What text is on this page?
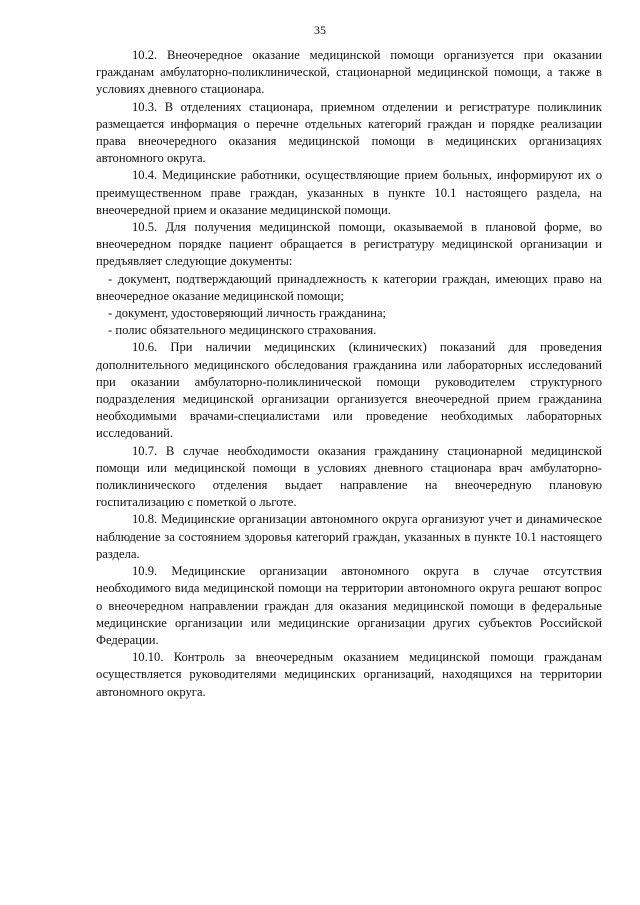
35

10.2. Внеочередное оказание медицинской помощи организуется при оказании гражданам амбулаторно-поликлинической, стационарной медицинской помощи, а также в условиях дневного стационара.

10.3. В отделениях стационара, приемном отделении и регистратуре поликлиник размещается информация о перечне отдельных категорий граждан и порядке реализации права внеочередного оказания медицинской помощи в медицинских организациях автономного округа.

10.4. Медицинские работники, осуществляющие прием больных, информируют их о преимущественном праве граждан, указанных в пункте 10.1 настоящего раздела, на внеочередной прием и оказание медицинской помощи.

10.5. Для получения медицинской помощи, оказываемой в плановой форме, во внеочередном порядке пациент обращается в регистратуру медицинской организации и предъявляет следующие документы:

- документ, подтверждающий принадлежность к категории граждан, имеющих право на внеочередное оказание медицинской помощи;

- документ, удостоверяющий личность гражданина;

- полис обязательного медицинского страхования.

10.6. При наличии медицинских (клинических) показаний для проведения дополнительного медицинского обследования гражданина или лабораторных исследований при оказании амбулаторно-поликлинической помощи руководителем структурного подразделения медицинской организации организуется внеочередной прием гражданина необходимыми врачами-специалистами или проведение необходимых лабораторных исследований.

10.7. В случае необходимости оказания гражданину стационарной медицинской помощи или медицинской помощи в условиях дневного стационара врач амбулаторно-поликлинического отделения выдает направление на внеочередную плановую госпитализацию с пометкой о льготе.

10.8. Медицинские организации автономного округа организуют учет и динамическое наблюдение за состоянием здоровья категорий граждан, указанных в пункте 10.1 настоящего раздела.

10.9. Медицинские организации автономного округа в случае отсутствия необходимого вида медицинской помощи на территории автономного округа решают вопрос о внеочередном направлении граждан для оказания медицинской помощи в федеральные медицинские организации или медицинские организации других субъектов Российской Федерации.

10.10. Контроль за внеочередным оказанием медицинской помощи гражданам осуществляется руководителями медицинских организаций, находящихся на территории автономного округа.
